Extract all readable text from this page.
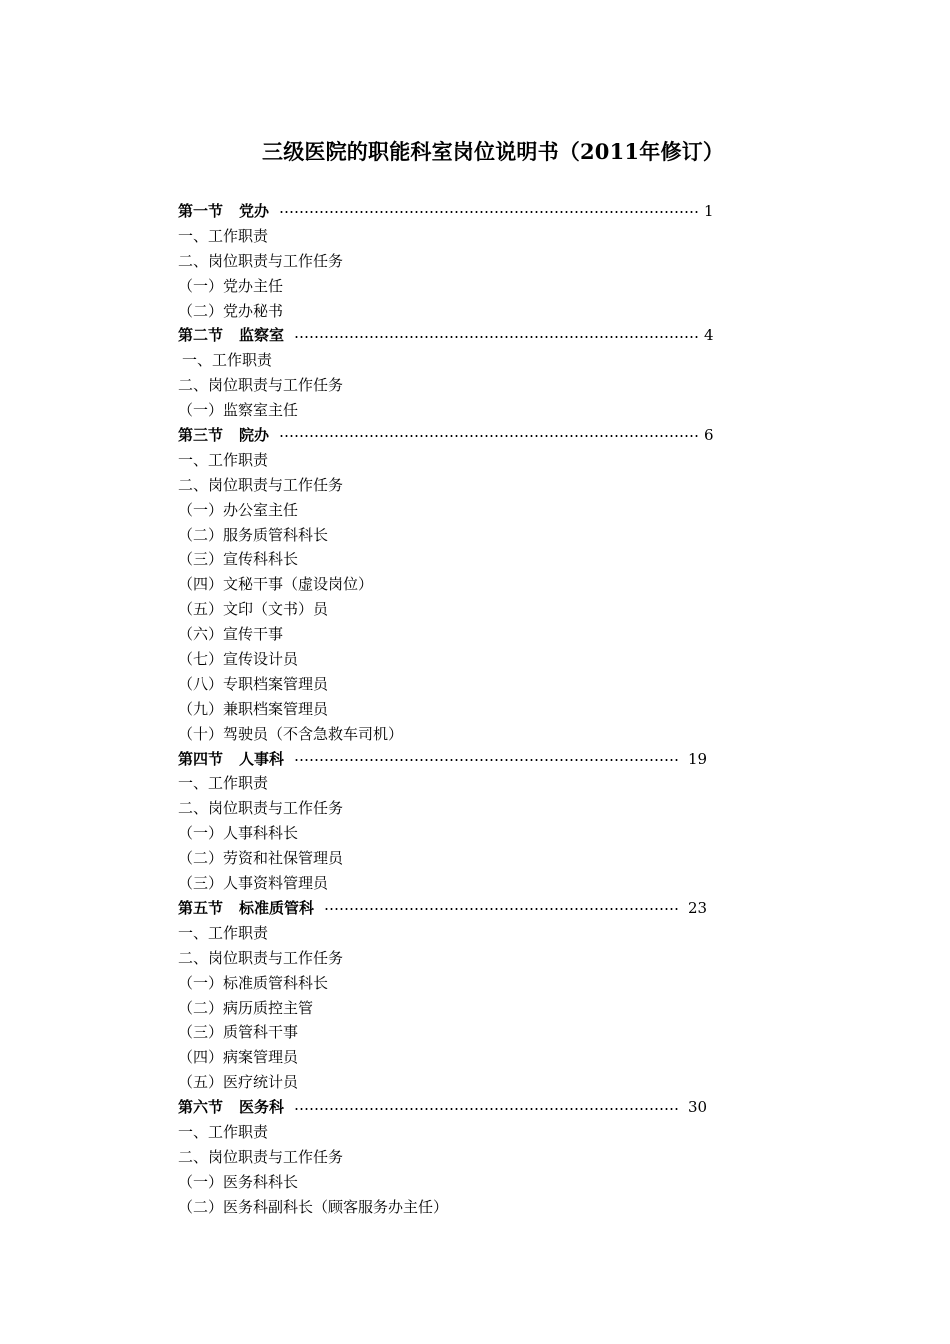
三级医院的职能科室岗位说明书（2011年修订）
第一节 党办	1
一、工作职责
二、岗位职责与工作任务
（一）党办主任
（二）党办秘书
第二节 监察室	4
一、工作职责
二、岗位职责与工作任务
（一）监察室主任
第三节 院办	6
一、工作职责
二、岗位职责与工作任务
（一）办公室主任
（二）服务质管科科长
（三）宣传科科长
（四）文秘干事（虚设岗位）
（五）文印（文书）员
（六）宣传干事
（七）宣传设计员
（八）专职档案管理员
（九）兼职档案管理员
（十）驾驶员（不含急救车司机）
第四节 人事科	19
一、工作职责
二、岗位职责与工作任务
（一）人事科科长
（二）劳资和社保管理员
（三）人事资料管理员
第五节 标准质管科	23
一、工作职责
二、岗位职责与工作任务
（一）标准质管科科长
（二）病历质控主管
（三）质管科干事
（四）病案管理员
（五）医疗统计员
第六节 医务科	30
一、工作职责
二、岗位职责与工作任务
（一）医务科科长
（二）医务科副科长（顾客服务办主任）
